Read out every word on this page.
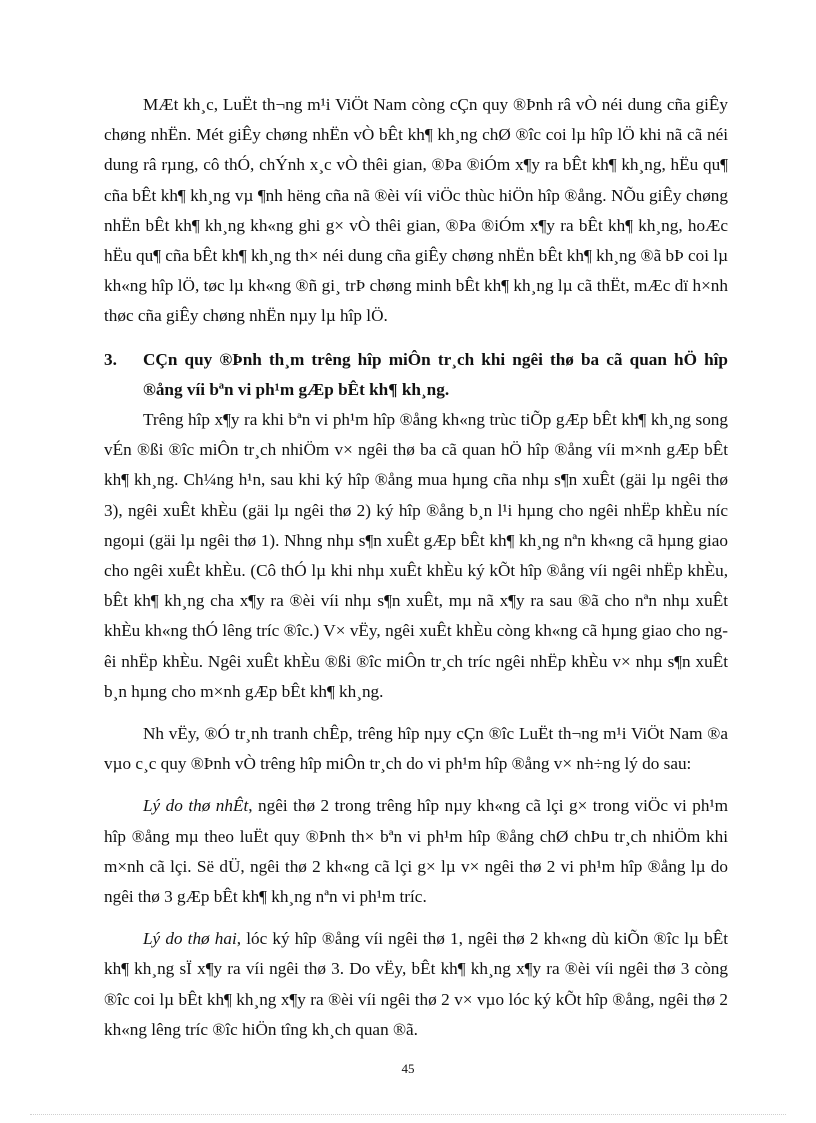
MÆt kh¸c, LuËt th¬ng m¹i ViÖt Nam còng cÇn quy ®Þnh râ vÒ néi dung cña giÊy chøng nhËn. Mét giÊy chøng nhËn vÒ bÊt kh¶ kh¸ng chØ ®îc coi lµ hîp lÖ khi nã cã néi dung râ rµng, cô thÓ, chÝnh x¸c vÒ thêi gian, ®Þa ®iÓm x¶y ra bÊt kh¶ kh¸ng, hËu qu¶ cña bÊt kh¶ kh¸ng vµ ¶nh hëng cña nã ®èi víi viÖc thùc hiÖn hîp ®ång. NÕu giÊy chøng nhËn bÊt kh¶ kh¸ng kh«ng ghi g× vÒ thêi gian, ®Þa ®iÓm x¶y ra bÊt kh¶ kh¸ng, hoÆc hËu qu¶ cña bÊt kh¶ kh¸ng th× néi dung cña giÊy chøng nhËn bÊt kh¶ kh¸ng ®ã bÞ coi lµ kh«ng hîp lÖ, tøc lµ kh«ng ®ñ gi¸ trÞ chøng minh bÊt kh¶ kh¸ng lµ cã thËt, mÆc dï h×nh thøc cña giÊy chøng nhËn nµy lµ hîp lÖ.

3.	CÇn quy ®Þnh th¸m trêng hîp miÔn tr¸ch khi ngêi thø ba cã quan hÖ hîp ®ång víi bªn vi ph¹m gÆp bÊt kh¶ kh¸ng.

Trêng hîp x¶y ra khi bªn vi ph¹m hîp ®ång kh«ng trùc tiÕp gÆp bÊt kh¶ kh¸ng song vÉn ®ßi ®îc miÔn tr¸ch nhiÖm v× ngêi thø ba cã quan hÖ hîp ®ång víi m×nh gÆp bÊt kh¶ kh¸ng. Ch¼ng h¹n, sau khi ký hîp ®ång mua hµng cña nhµ s¶n xuÊt (gäi lµ ngêi thø 3), ngêi xuÊt khÈu (gäi lµ ngêi thø 2) ký hîp ®ång b¸n l¹i hµng cho ngêi nhËp khÈu níc ngoµi (gäi lµ ngêi thø 1). Nhng nhµ s¶n xuÊt gÆp bÊt kh¶ kh¸ng nªn kh«ng cã hµng giao cho ngêi xuÊt khÈu. (Cô thÓ lµ khi nhµ xuÊt khÈu ký kÕt hîp ®ång víi ngêi nhËp khÈu, bÊt kh¶ kh¸ng cha x¶y ra ®èi víi nhµ s¶n xuÊt, mµ nã x¶y ra sau ®ã cho nªn nhµ xuÊt khÈu kh«ng thÓ lêng tríc ®îc.) V× vËy, ngêi xuÊt khÈu còng kh«ng cã hµng giao cho ngêi nhËp khÈu. Ngêi xuÊt khÈu ®ßi ®îc miÔn tr¸ch tríc ngêi nhËp khÈu v× nhµ s¶n xuÊt b¸n hµng cho m×nh gÆp bÊt kh¶ kh¸ng.

Nh vËy, ®Ó tr¸nh tranh chÊp, trêng hîp nµy cÇn ®îc LuËt th¬ng m¹i ViÖt Nam ®a vµo c¸c quy ®Þnh vÒ trêng hîp miÔn tr¸ch do vi ph¹m hîp ®ång v× nh÷ng lý do sau:

Lý do thø nhÊt, ngêi thø 2 trong trêng hîp nµy kh«ng cã lçi g× trong viÖc vi ph¹m hîp ®ång mµ theo luËt quy ®Þnh th× bªn vi ph¹m hîp ®ång chØ chÞu tr¸ch nhiÖm khi m×nh cã lçi. Së dÜ, ngêi thø 2 kh«ng cã lçi g× lµ v× ngêi thø 2 vi ph¹m hîp ®ång lµ do ngêi thø 3 gÆp bÊt kh¶ kh¸ng nªn vi ph¹m tríc.

Lý do thø hai, lóc ký hîp ®ång víi ngêi thø 1, ngêi thø 2 kh«ng dù kiÕn ®îc lµ bÊt kh¶ kh¸ng sÏ x¶y ra víi ngêi thø 3. Do vËy, bÊt kh¶ kh¸ng x¶y ra ®èi víi ngêi thø 3 còng ®îc coi lµ bÊt kh¶ kh¸ng x¶y ra ®èi víi ngêi thø 2 v× vµo lóc ký kÕt hîp ®ång, ngêi thø 2 kh«ng lêng tríc ®îc hiÖn tîng kh¸ch quan ®ã.

45
